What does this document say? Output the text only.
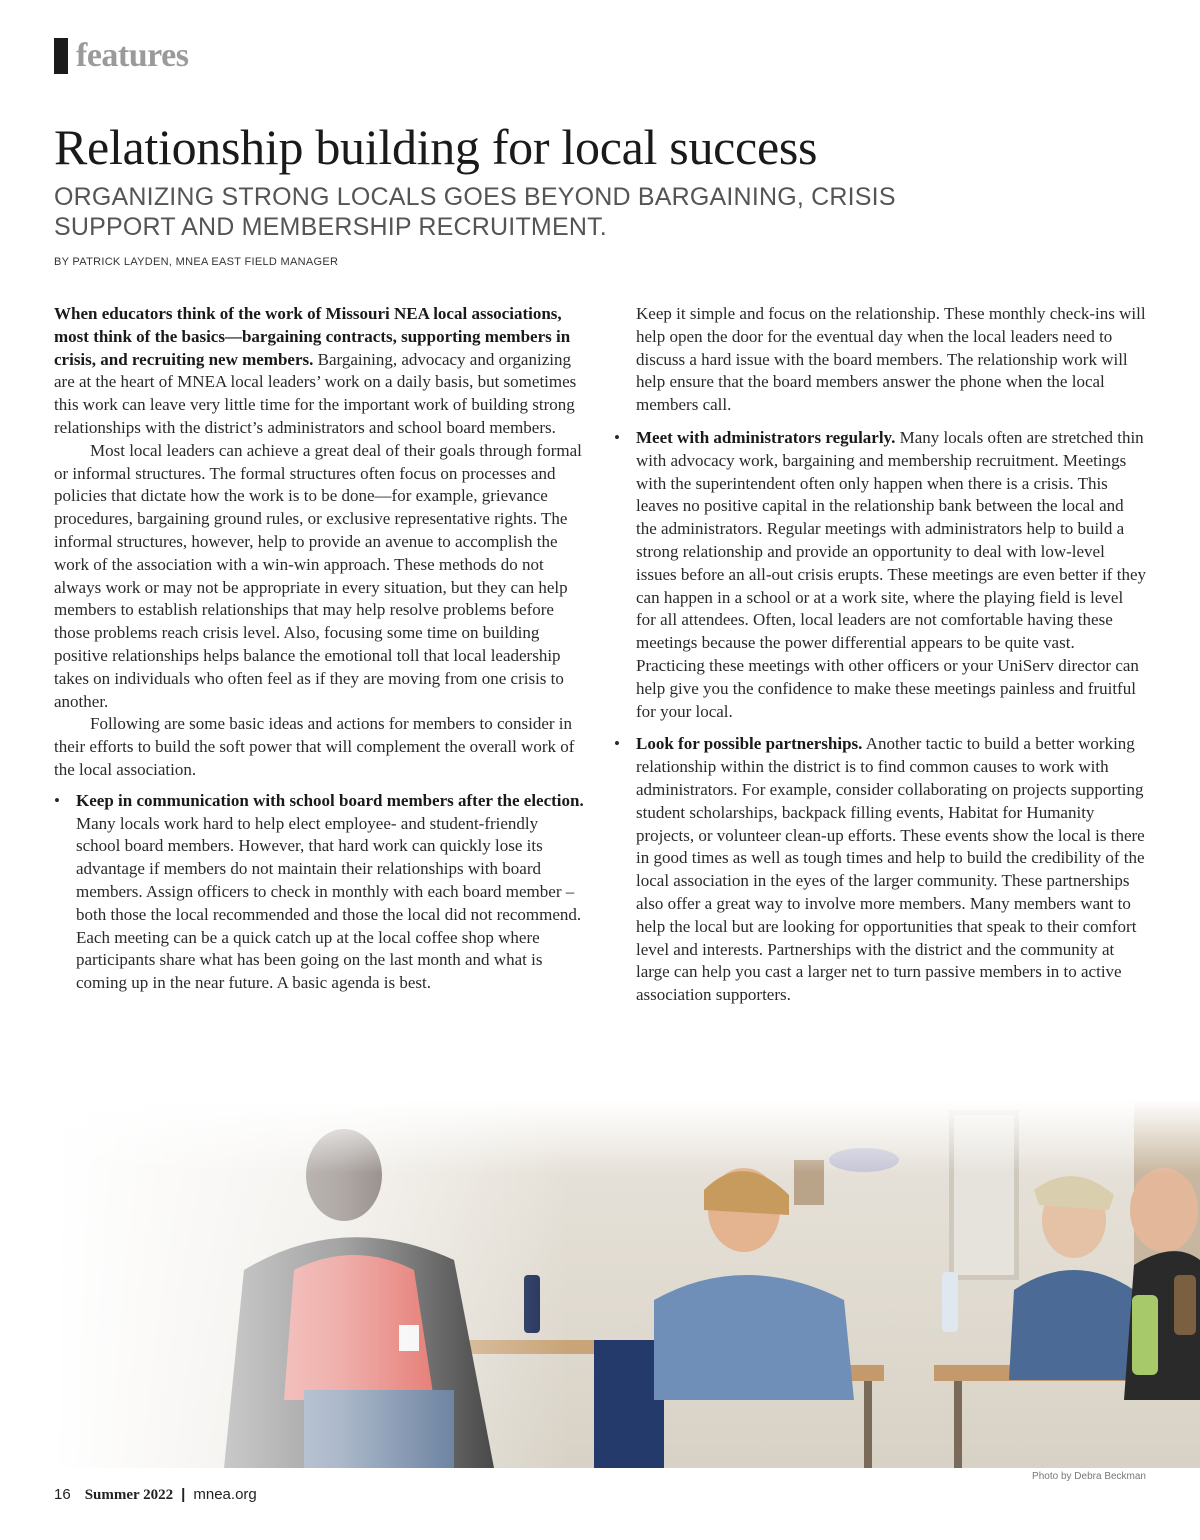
features
Relationship building for local success

ORGANIZING STRONG LOCALS GOES BEYOND BARGAINING, CRISIS SUPPORT AND MEMBERSHIP RECRUITMENT.

BY PATRICK LAYDEN, MNEA EAST FIELD MANAGER

When educators think of the work of Missouri NEA local associations, most think of the basics—bargaining contracts, supporting members in crisis, and recruiting new members. Bargaining, advocacy and organizing are at the heart of MNEA local leaders’ work on a daily basis, but sometimes this work can leave very little time for the important work of building strong relationships with the district’s administrators and school board members.

Most local leaders can achieve a great deal of their goals through formal or informal structures. The formal structures often focus on processes and policies that dictate how the work is to be done—for example, grievance procedures, bargaining ground rules, or exclusive representative rights. The informal structures, however, help to provide an avenue to accomplish the work of the association with a win-win approach. These methods do not always work or may not be appropriate in every situation, but they can help members to establish relationships that may help resolve problems before those problems reach crisis level. Also, focusing some time on building positive relationships helps balance the emotional toll that local leadership takes on individuals who often feel as if they are moving from one crisis to another.

Following are some basic ideas and actions for members to consider in their efforts to build the soft power that will complement the overall work of the local association.

• Keep in communication with school board members after the election. Many locals work hard to help elect employee- and student-friendly school board members. However, that hard work can quickly lose its advantage if members do not maintain their relationships with board members. Assign officers to check in monthly with each board member – both those the local recommended and those the local did not recommend. Each meeting can be a quick catch up at the local coffee shop where participants share what has been going on the last month and what is coming up in the near future. A basic agenda is best.

Keep it simple and focus on the relationship. These monthly check-ins will help open the door for the eventual day when the local leaders need to discuss a hard issue with the board members. The relationship work will help ensure that the board members answer the phone when the local members call.

• Meet with administrators regularly. Many locals often are stretched thin with advocacy work, bargaining and membership recruitment. Meetings with the superintendent often only happen when there is a crisis. This leaves no positive capital in the relationship bank between the local and the administrators. Regular meetings with administrators help to build a strong relationship and provide an opportunity to deal with low-level issues before an all-out crisis erupts. These meetings are even better if they can happen in a school or at a work site, where the playing field is level for all attendees. Often, local leaders are not comfortable having these meetings because the power differential appears to be quite vast. Practicing these meetings with other officers or your UniServ director can help give you the confidence to make these meetings painless and fruitful for your local.

• Look for possible partnerships. Another tactic to build a better working relationship within the district is to find common causes to work with administrators. For example, consider collaborating on projects supporting student scholarships, backpack filling events, Habitat for Humanity projects, or volunteer clean-up efforts. These events show the local is there in good times as well as tough times and help to build the credibility of the local association in the eyes of the larger community. These partnerships also offer a great way to involve more members. Many members want to help the local but are looking for opportunities that speak to their comfort level and interests. Partnerships with the district and the community at large can help you cast a larger net to turn passive members in to active association supporters.

Photo by Debra Beckman
16 Summer 2022 | mnea.org
